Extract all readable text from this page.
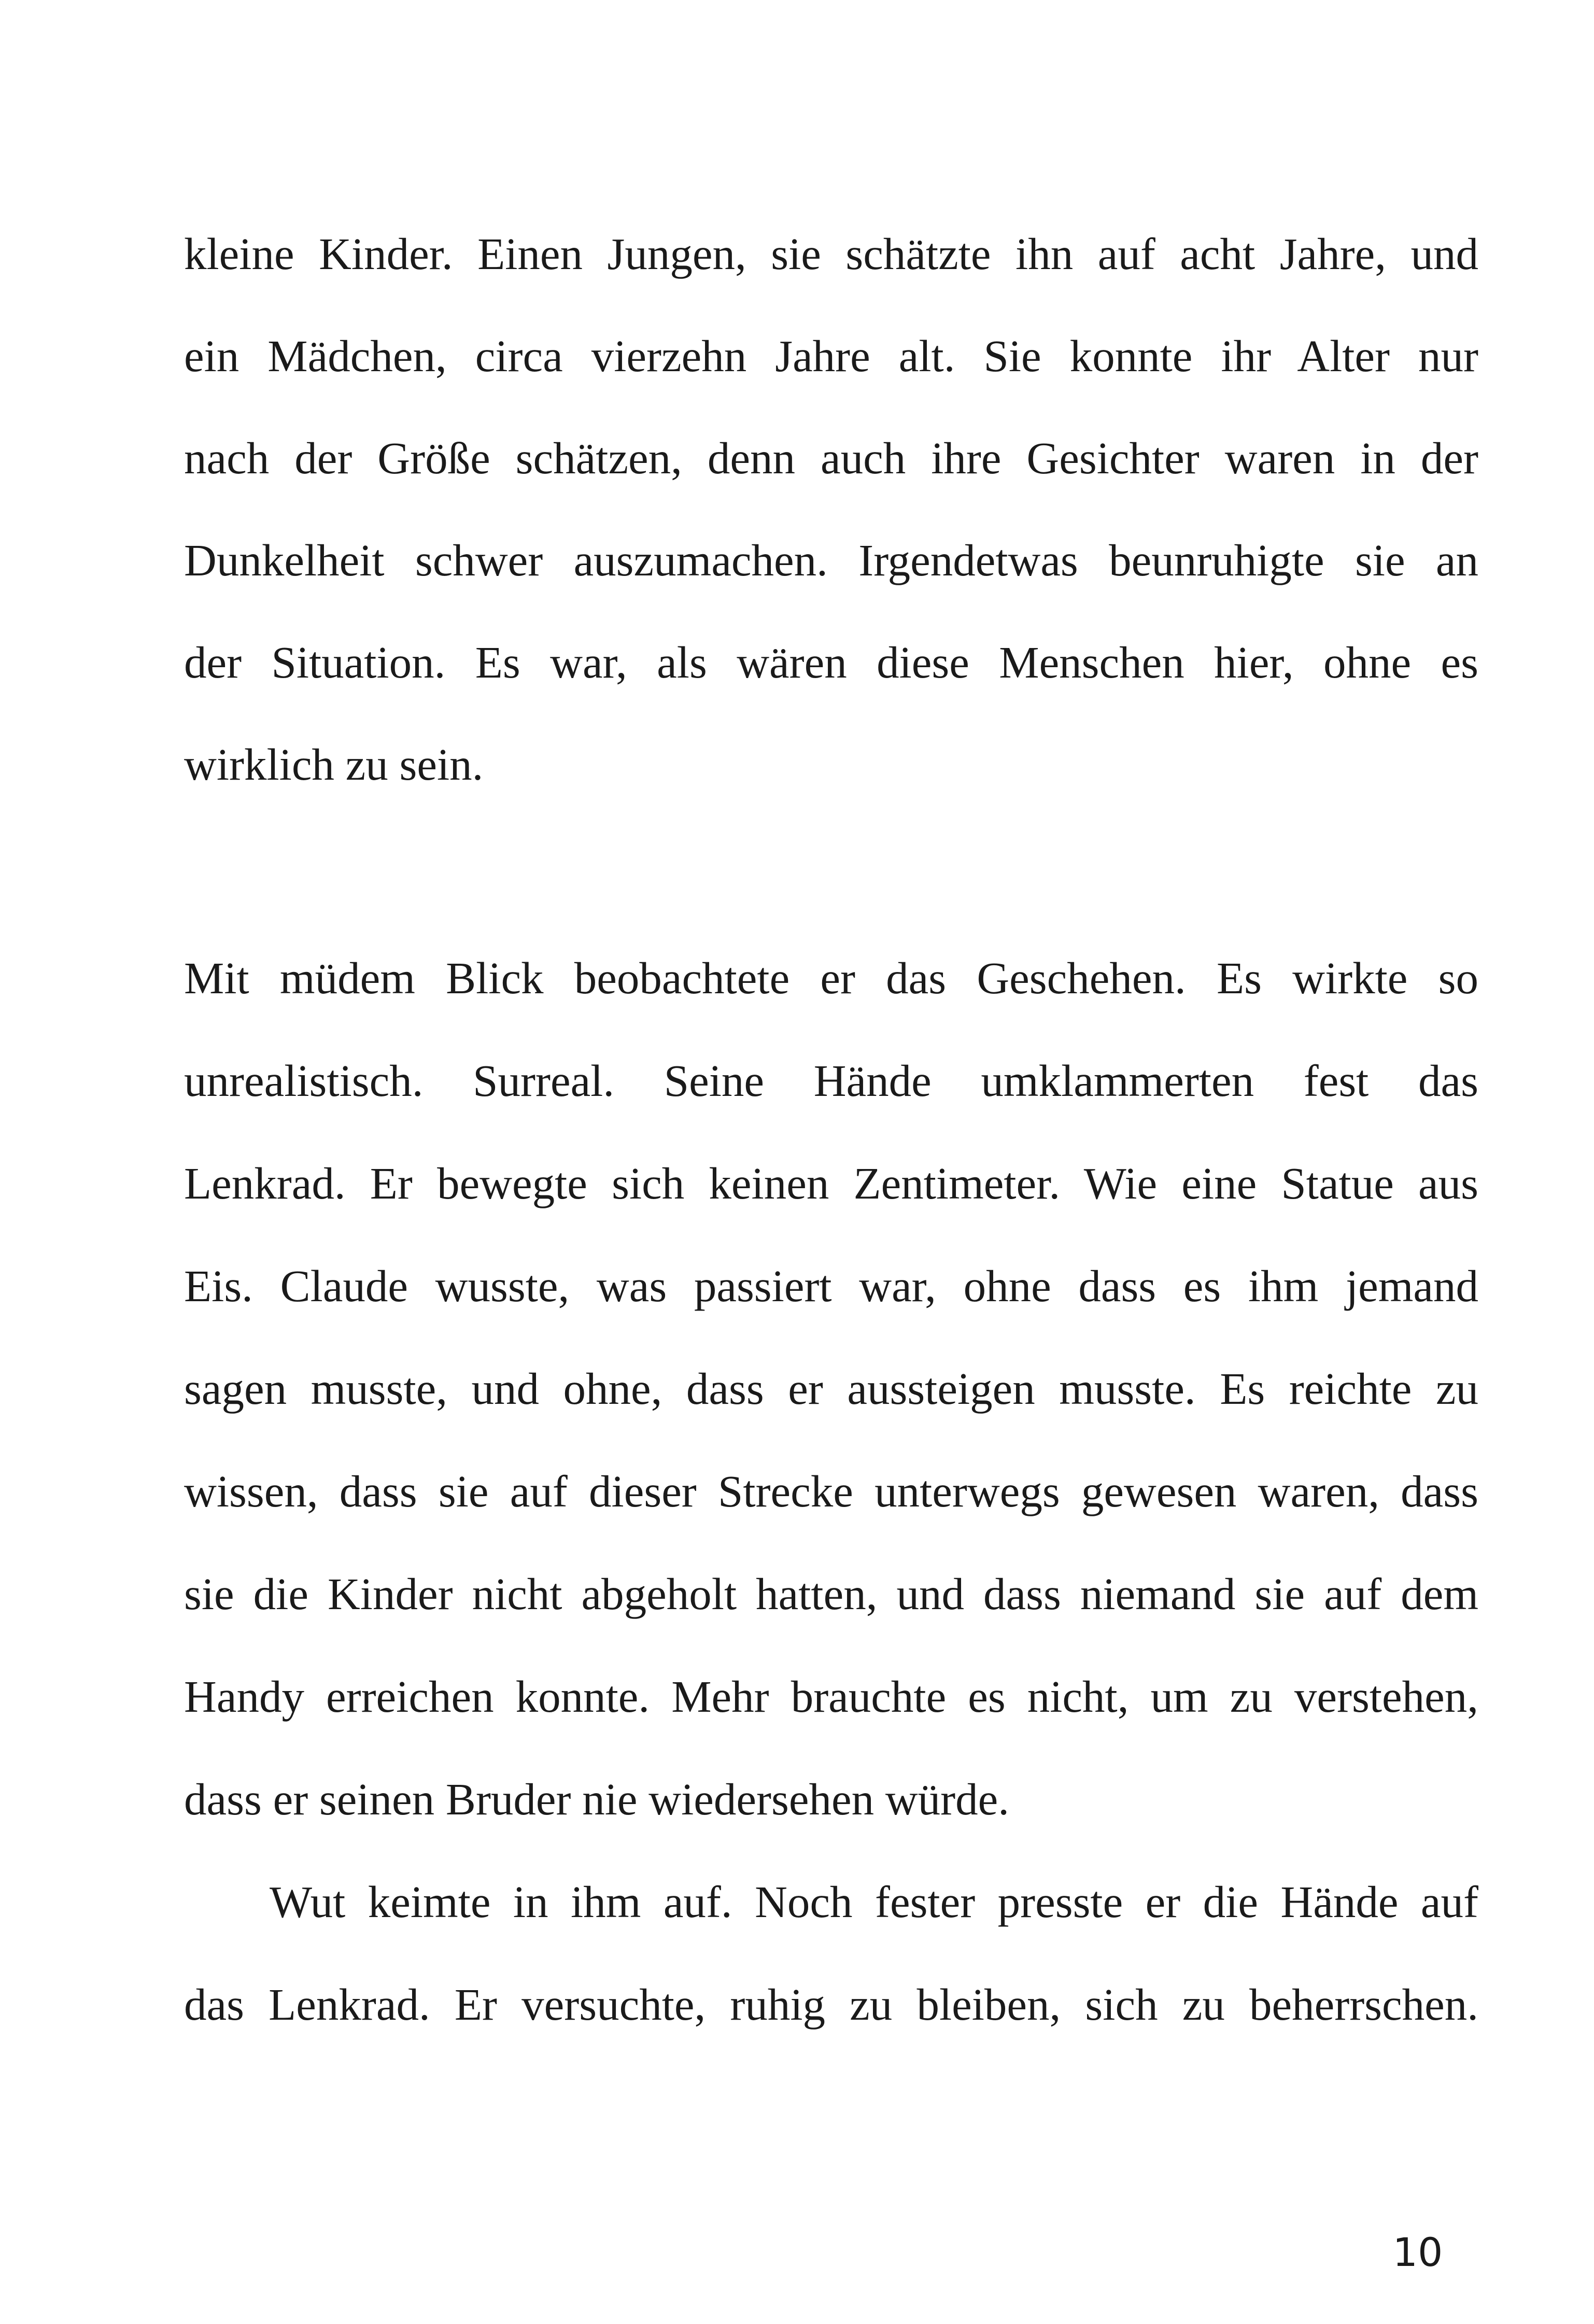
kleine Kinder. Einen Jungen, sie schätzte ihn auf acht Jahre, und
ein Mädchen, circa vierzehn Jahre alt. Sie konnte ihr Alter nur
nach der Größe schätzen, denn auch ihre Gesichter waren in der
Dunkelheit schwer auszumachen. Irgendetwas beunruhigte sie an
der Situation. Es war, als wären diese Menschen hier, ohne es
wirklich zu sein.
Mit müdem Blick beobachtete er das Geschehen. Es wirkte so
unrealistisch. Surreal. Seine Hände umklammerten fest das
Lenkrad. Er bewegte sich keinen Zentimeter. Wie eine Statue aus
Eis. Claude wusste, was passiert war, ohne dass es ihm jemand
sagen musste, und ohne, dass er aussteigen musste. Es reichte zu
wissen, dass sie auf dieser Strecke unterwegs gewesen waren, dass
sie die Kinder nicht abgeholt hatten, und dass niemand sie auf dem
Handy erreichen konnte. Mehr brauchte es nicht, um zu verstehen,
dass er seinen Bruder nie wiedersehen würde.
Wut keimte in ihm auf. Noch fester presste er die Hände auf
das Lenkrad. Er versuchte, ruhig zu bleiben, sich zu beherrschen.
10
